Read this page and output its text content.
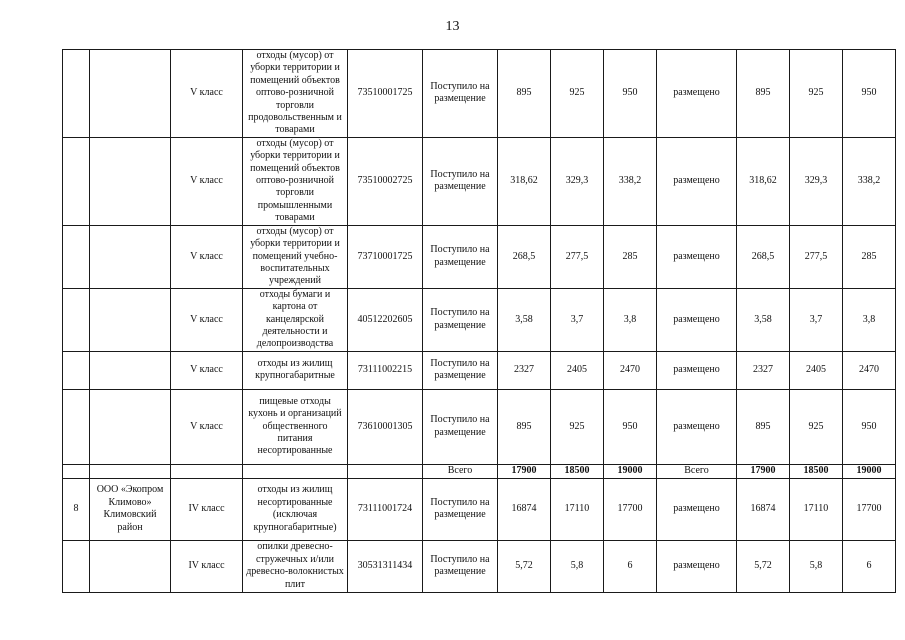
13
		V класс	отходы (мусор) от уборки территории и помещений объектов оптово-розничной торговли продовольственным и товарами	73510001725	Поступило на размещение	895	925	950	размещено	895	925	950
		V класс	отходы (мусор) от уборки территории и помещений объектов оптово-розничной торговли промышленными товарами	73510002725	Поступило на размещение	318,62	329,3	338,2	размещено	318,62	329,3	338,2
		V класс	отходы (мусор) от уборки территории и помещений учебно-воспитательных учреждений	73710001725	Поступило на размещение	268,5	277,5	285	размещено	268,5	277,5	285
		V класс	отходы бумаги и картона от канцелярской деятельности и делопроизводства	40512202605	Поступило на размещение	3,58	3,7	3,8	размещено	3,58	3,7	3,8
		V класс	отходы из жилищ крупногабаритные	73111002215	Поступило на размещение	2327	2405	2470	размещено	2327	2405	2470
		V класс	пищевые отходы кухонь и организаций общественного питания несортированные	73610001305	Поступило на размещение	895	925	950	размещено	895	925	950
					Всего	17900	18500	19000	Всего	17900	18500	19000
8	ООО «Экопром Климово» Климовский район	IV класс	отходы из жилищ несортированные (исключая крупногабаритные)	73111001724	Поступило на размещение	16874	17110	17700	размещено	16874	17110	17700
		IV класс	опилки древесно-стружечных и/или древесно-волокнистых плит	30531311434	Поступило на размещение	5,72	5,8	6	размещено	5,72	5,8	6
